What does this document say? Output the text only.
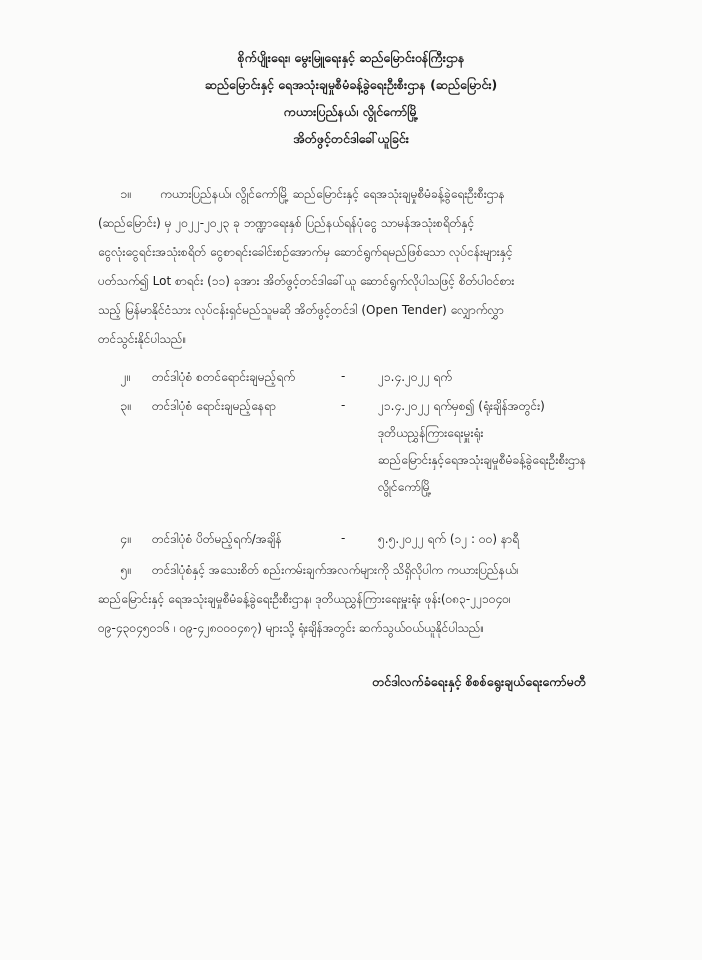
စိုက်ပျိုးရေး၊ မွေးမြူရေးနှင့် ဆည်မြောင်းဝန်ကြီးဌာန
ဆည်မြောင်းနှင့် ရေအသုံးချမှုစီမံခန့်ခွဲရေးဦးစီးဌာန (ဆည်မြောင်း)
ကယားပြည်နယ်၊ လွိုင်ကော်မြို့
အိတ်ဖွင့်တင်ဒါခေါ်ယူခြင်း
၁။ ကယားပြည်နယ်၊ လွိုင်ကော်မြို့ ဆည်မြောင်းနှင့် ရေအသုံးချမှုစီမံခန့်ခွဲရေးဦးစီးဌာန
(ဆည်မြောင်း) မှ ၂၀၂၂-၂၀၂၃ ခု ဘဏ္ဍာရေးနှစ် ပြည်နယ်ရန်ပုံငွေ သာမန်အသုံးစရိတ်နှင့်
ငွေလုံးငွေရင်းအသုံးစရိတ် ငွေစာရင်းခေါင်းစဉ်အောက်မှ ဆောင်ရွက်ရမည်ဖြစ်သော လုပ်ငန်းများနှင့်
ပတ်သက်၍ Lot စာရင်း (၁၁) ခုအား အိတ်ဖွင့်တင်ဒါခေါ်ယူ ဆောင်ရွက်လိုပါသဖြင့် စိတ်ပါဝင်စား
သည့် မြန်မာနိုင်ငံသား လုပ်ငန်းရှင်မည်သူမဆို အိတ်ဖွင့်တင်ဒါ (Open Tender) လျှောက်လွှာ
တင်သွင်းနိုင်ပါသည်။
၂။ တင်ဒါပုံစံ စတင်ရောင်းချမည့်ရက်	-	၂၁.၄.၂၀၂၂ ရက်
၃။ တင်ဒါပုံစံ ရောင်းချမည့်နေရာ	-	၂၁.၄.၂၀၂၂ ရက်မှစ၍ (ရုံးချိန်အတွင်း)
ဒုတိယညွှန်ကြားရေးမှူးရုံး
ဆည်မြောင်းနှင့်ရေအသုံးချမှုစီမံခန့်ခွဲရေးဦးစီးဌာန
လွိုင်ကော်မြို့
၄။ တင်ဒါပုံစံ ပိတ်မည့်ရက်/အချိန်	-	၅.၅.၂၀၂၂ ရက် (၁၂ : ၀၀) နာရီ
၅။ တင်ဒါပုံစံနှင့် အသေးစိတ် စည်းကမ်းချက်အလက်များကို သိရှိလိုပါက ကယားပြည်နယ်၊
ဆည်မြောင်းနှင့် ရေအသုံးချမှုစီမံခန့်ခွဲရေးဦးစီးဌာန၊ ဒုတိယညွှန်ကြားရေးမှူးရုံး ဖုန်း(၀၈၃-၂၂၁၀၄၀၊
၀၉-၄၃၀၄၅၀၁၆ ၊ ၀၉-၄၂၈၀၀၀၄၈၇) များသို့ ရုံးချိန်အတွင်း ဆက်သွယ်ဝယ်ယူနိုင်ပါသည်။
တင်ဒါလက်ခံရေးနှင့် စိစစ်ရွေးချယ်ရေးကော်မတီ
